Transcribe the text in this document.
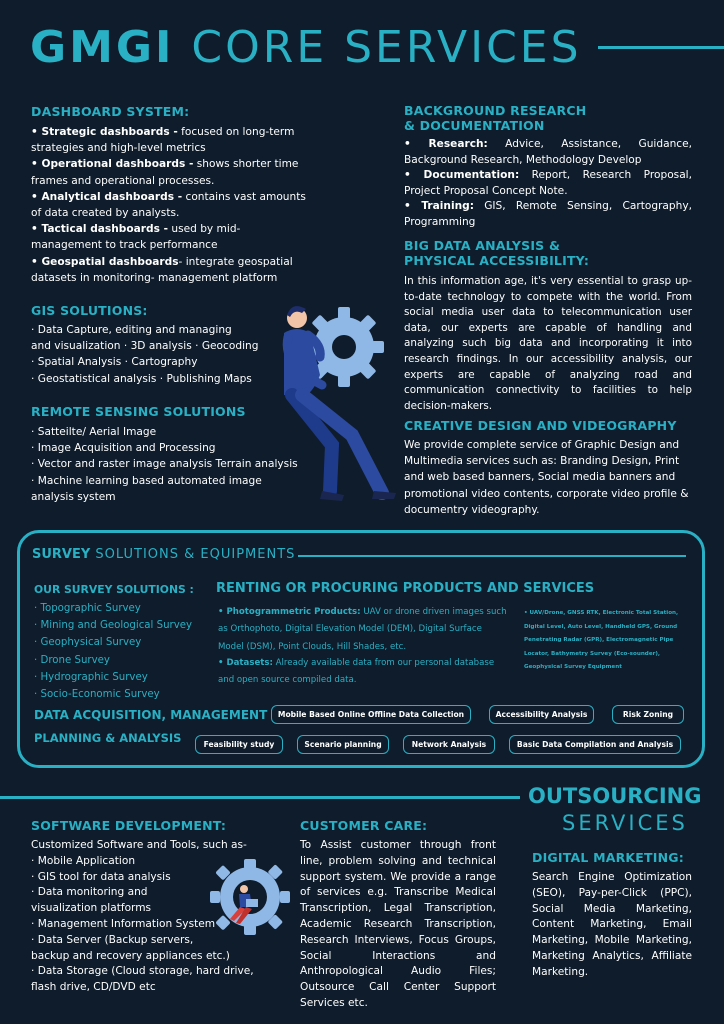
GMGI CORE SERVICES
DASHBOARD SYSTEM:
• Strategic dashboards - focused on long-term strategies and high-level metrics
• Operational dashboards - shows shorter time frames and operational processes.
• Analytical dashboards - contains vast amounts of data created by analysts.
• Tactical dashboards - used by mid-management to track performance
• Geospatial dashboards- integrate geospatial datasets in monitoring- management platform
GIS SOLUTIONS:
· Data Capture, editing and managing
and visualization · 3D analysis · Geocoding
· Spatial Analysis · Cartography
· Geostatistical analysis · Publishing Maps
REMOTE SENSING SOLUTIONS
· Satteilte/ Aerial Image
· Image Acquisition and Processing
· Vector and raster image analysis Terrain analysis
· Machine learning based automated image
analysis system
BACKGROUND RESEARCH
& DOCUMENTATION
• Research: Advice, Assistance, Guidance, Background Research, Methodology Develop
• Documentation: Report, Research Proposal, Project Proposal Concept Note.
• Training: GIS, Remote Sensing, Cartography, Programming
BIG DATA ANALYSIS &
PHYSICAL ACCESSIBILITY:
In this information age, it's very essential to grasp up-to-date technology to compete with the world. From social media user data to telecommunication user data, our experts are capable of handling and analyzing such big data and incorporating it into research findings. In our accessibility analysis, our experts are capable of analyzing road and communication connectivity to facilities to help decision-makers.
CREATIVE DESIGN AND VIDEOGRAPHY
We provide complete service of Graphic Design and Multimedia services such as: Branding Design, Print and web based banners, Social media banners and promotional video contents, corporate video profile & documentry videography.
SURVEY SOLUTIONS & EQUIPMENTS
OUR SURVEY SOLUTIONS :
· Topographic Survey
· Mining and Geological Survey
· Geophysical Survey
· Drone Survey
· Hydrographic Survey
· Socio-Economic Survey
RENTING OR PROCURING PRODUCTS AND SERVICES
• Photogrammetric Products: UAV or drone driven images such as Orthophoto, Digital Elevation Model (DEM), Digital Surface Model (DSM), Point Clouds, Hill Shades, etc.
• Datasets: Already available data from our personal database and open source compiled data.
• UAV/Drone, GNSS RTK, Electronic Total Station, Digital Level, Auto Level, Handheld GPS, Ground Penetrating Radar (GPR), Electromagnetic Pipe Locator, Bathymetry Survey (Eco-sounder), Geophysical Survey Equipment
DATA ACQUISITION, MANAGEMENT
PLANNING & ANALYSIS
Mobile Based Online Offline Data Collection	Accessibility Analysis	Risk Zoning
Feasibility study	Scenario planning	Network Analysis	Basic Data Compilation and Analysis
OUTSOURCING
SERVICES
SOFTWARE DEVELOPMENT:
Customized Software and Tools, such as-
· Mobile Application
· GIS tool for data analysis
· Data monitoring and
visualization platforms
· Management Information System
· Data Server (Backup servers,
backup and recovery appliances etc.)
· Data Storage (Cloud storage, hard drive,
flash drive, CD/DVD etc
CUSTOMER CARE:
To Assist customer through front line, problem solving and technical support system. We provide a range of services e.g. Transcribe Medical Transcription, Legal Transcription, Academic Research Transcription, Research Interviews, Focus Groups, Social Interactions and Anthropological Audio Files; Outsource Call Center Support Services etc.
DIGITAL MARKETING:
Search Engine Optimization (SEO), Pay-per-Click (PPC), Social Media Marketing, Content Marketing, Email Marketing, Mobile Marketing, Marketing Analytics, Affiliate Marketing.
